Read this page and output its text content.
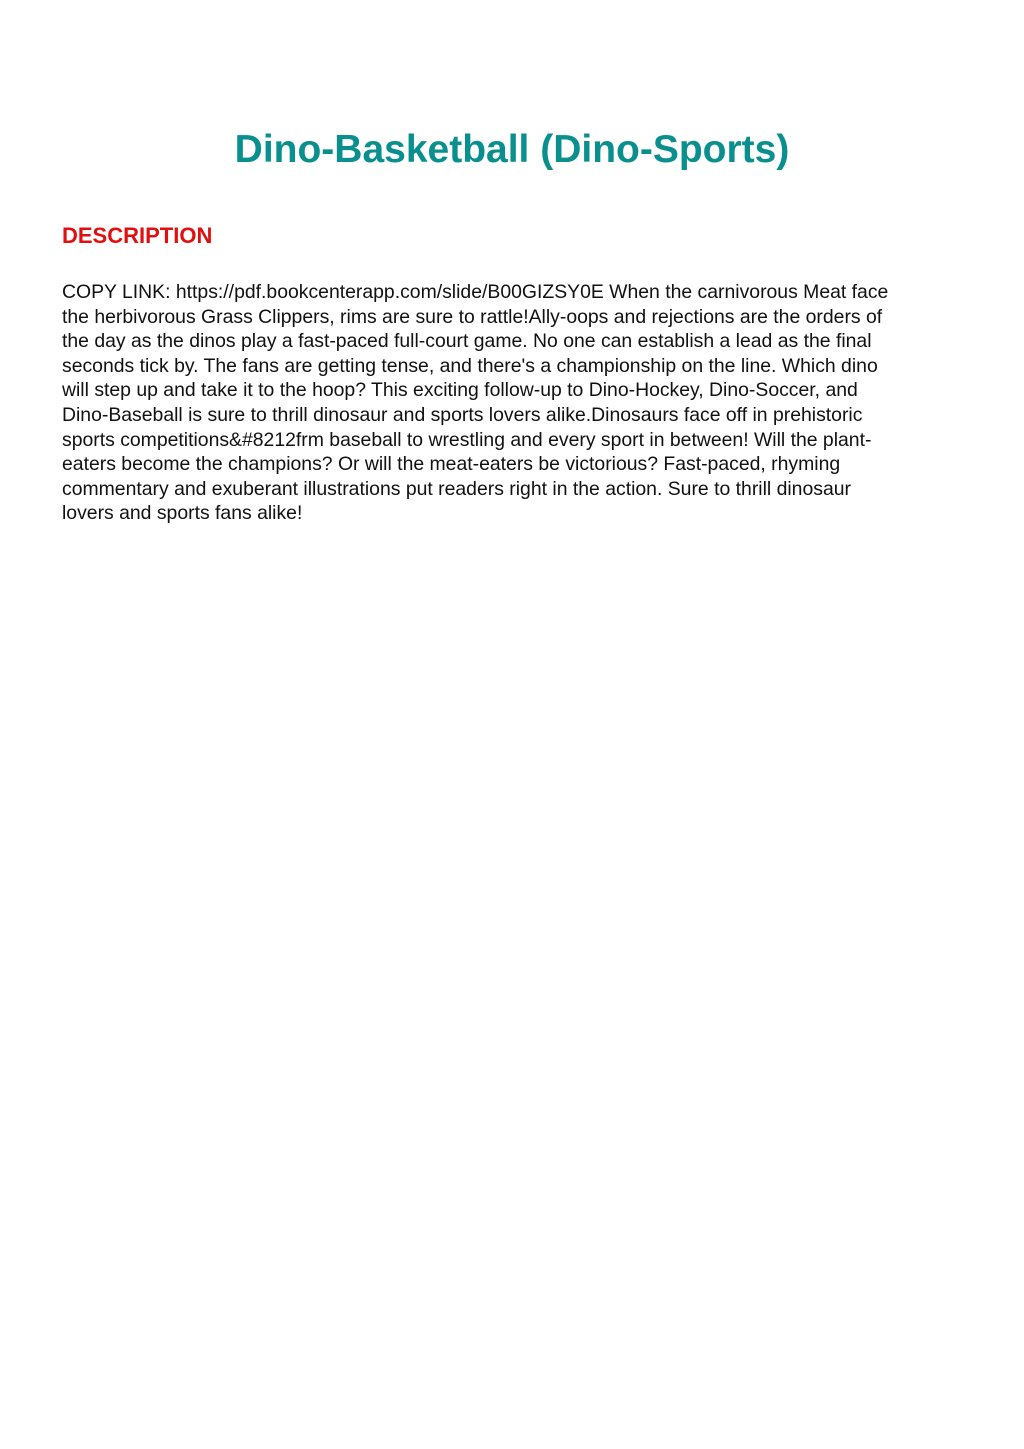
Dino-Basketball (Dino-Sports)
DESCRIPTION

COPY LINK: https://pdf.bookcenterapp.com/slide/B00GIZSY0E When the carnivorous Meat face
the herbivorous Grass Clippers, rims are sure to rattle!Ally-oops and rejections are the orders of
the day as the dinos play a fast-paced full-court game. No one can establish a lead as the final
seconds tick by. The fans are getting tense, and there's a championship on the line. Which dino
will step up and take it to the hoop? This exciting follow-up to Dino-Hockey, Dino-Soccer, and
Dino-Baseball is sure to thrill dinosaur and sports lovers alike.Dinosaurs face off in prehistoric
sports competitions&#8212frm baseball to wrestling and every sport in between! Will the plant-
eaters become the champions? Or will the meat-eaters be victorious? Fast-paced, rhyming
commentary and exuberant illustrations put readers right in the action. Sure to thrill dinosaur
lovers and sports fans alike!
